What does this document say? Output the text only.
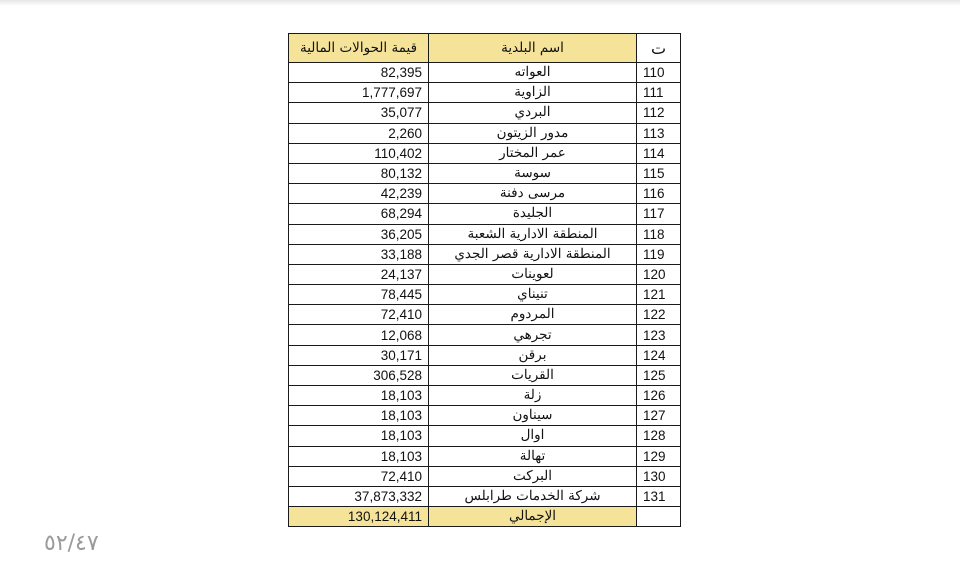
قيمة الحوالات المالية	اسم البلدية	ت
82,395	العواته	110
1,777,697	الزاوية	111
35,077	البردي	112
2,260	مدور الزيتون	113
110,402	عمر المختار	114
80,132	سوسة	115
42,239	مرسى دفنة	116
68,294	الجليدة	117
36,205	المنطقة الادارية الشعبة	118
33,188	المنطقة الادارية قصر الجدي	119
24,137	لعوينات	120
78,445	تنيناي	121
72,410	المردوم	122
12,068	تجرهي	123
30,171	برقن	124
306,528	القريات	125
18,103	زلة	126
18,103	سيناون	127
18,103	اوال	128
18,103	تهالة	129
72,410	البركت	130
37,873,332	شركة الخدمات طرابلس	131
130,124,411	الإجمالي	
٥٢/٤٧
